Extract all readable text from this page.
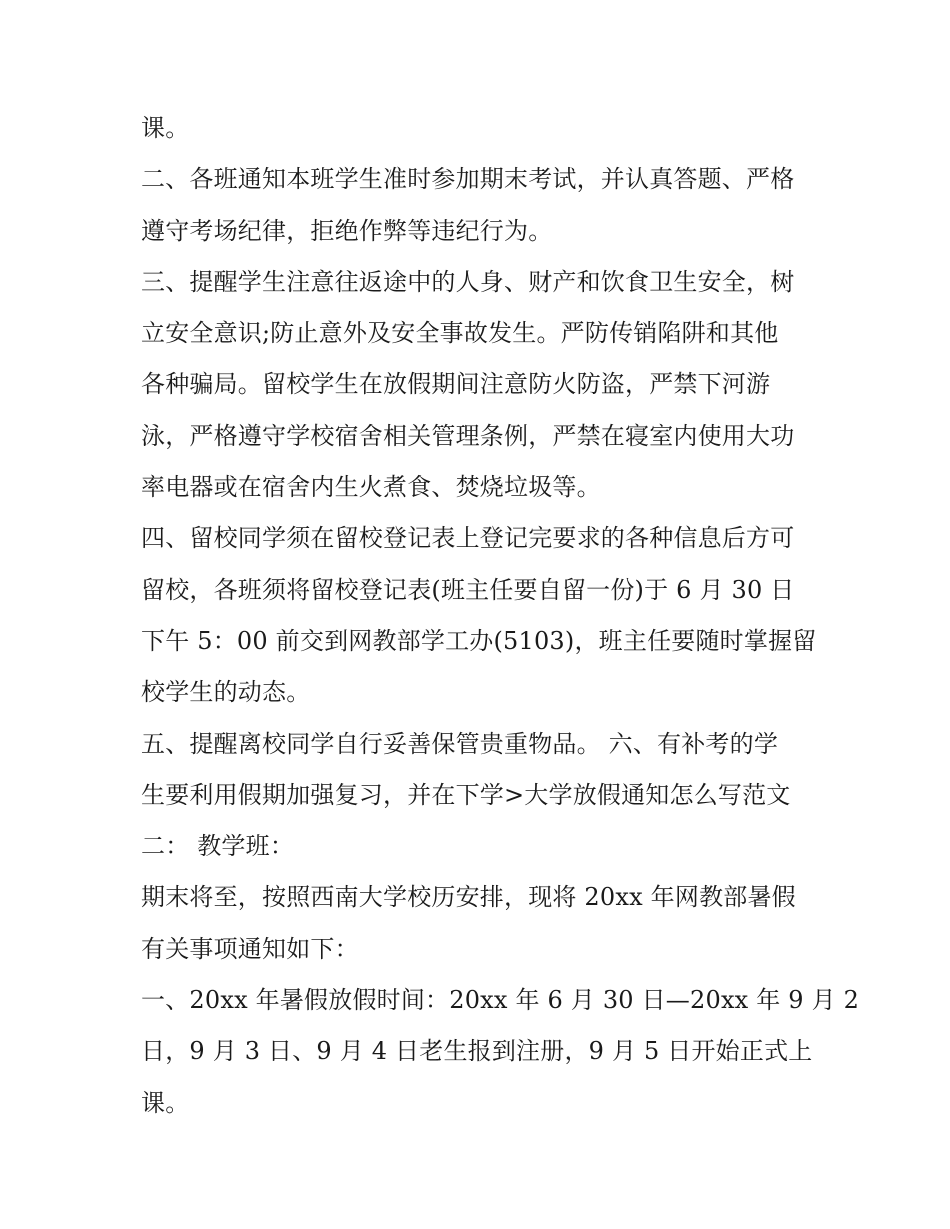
课。
二、各班通知本班学生准时参加期末考试，并认真答题、严格
遵守考场纪律，拒绝作弊等违纪行为。
三、提醒学生注意往返途中的人身、财产和饮食卫生安全，树
立安全意识;防止意外及安全事故发生。严防传销陷阱和其他
各种骗局。留校学生在放假期间注意防火防盗，严禁下河游
泳，严格遵守学校宿舍相关管理条例，严禁在寝室内使用大功
率电器或在宿舍内生火煮食、焚烧垃圾等。
四、留校同学须在留校登记表上登记完要求的各种信息后方可
留校，各班须将留校登记表(班主任要自留一份)于 6 月 30 日
下午 5：00 前交到网教部学工办(5103)，班主任要随时掌握留
校学生的动态。
五、提醒离校同学自行妥善保管贵重物品。 六、有补考的学
生要利用假期加强复习，并在下学>大学放假通知怎么写范文
二： 教学班：
期末将至，按照西南大学校历安排，现将 20xx 年网教部暑假
有关事项通知如下：
一、20xx 年暑假放假时间：20xx 年 6 月 30 日—20xx 年 9 月 2
日，9 月 3 日、9 月 4 日老生报到注册，9 月 5 日开始正式上
课。
